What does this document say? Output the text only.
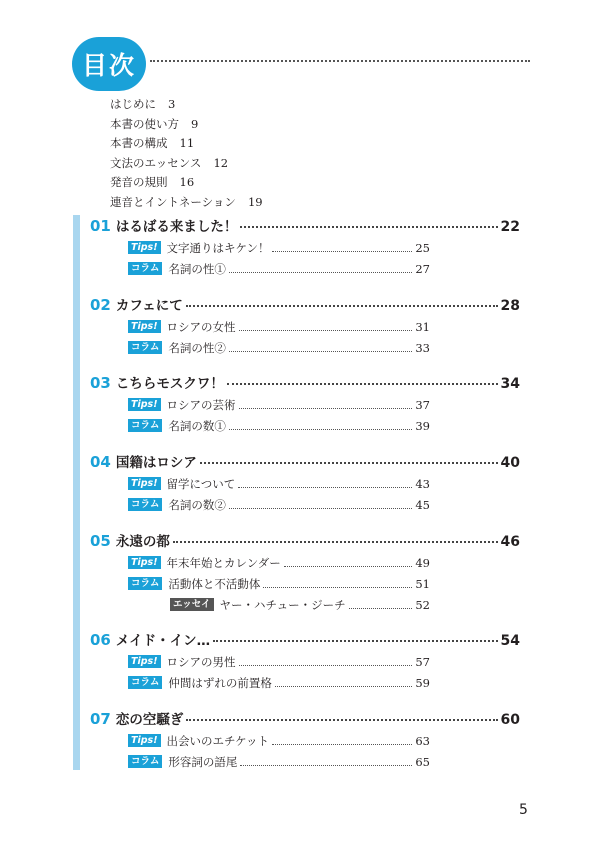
目次
はじめに 3
本書の使い方 9
本書の構成 11
文法のエッセンス 12
発音の規則 16
連音とイントネーション 19
01 はるばる来ました！	22
Tips! 文字通りはキケン！	25
コラム 名詞の性①	27
02 カフェにて	28
Tips! ロシアの女性	31
コラム 名詞の性②	33
03 こちらモスクワ！	34
Tips! ロシアの芸術	37
コラム 名詞の数①	39
04 国籍はロシア	40
Tips! 留学について	43
コラム 名詞の数②	45
05 永遠の都	46
Tips! 年末年始とカレンダー	49
コラム 活動体と不活動体	51
エッセイ ヤー・ハチュー・ジーチ	52
06 メイド・イン…	54
Tips! ロシアの男性	57
コラム 仲間はずれの前置格	59
07 恋の空騒ぎ	60
Tips! 出会いのエチケット	63
コラム 形容詞の語尾	65
5
